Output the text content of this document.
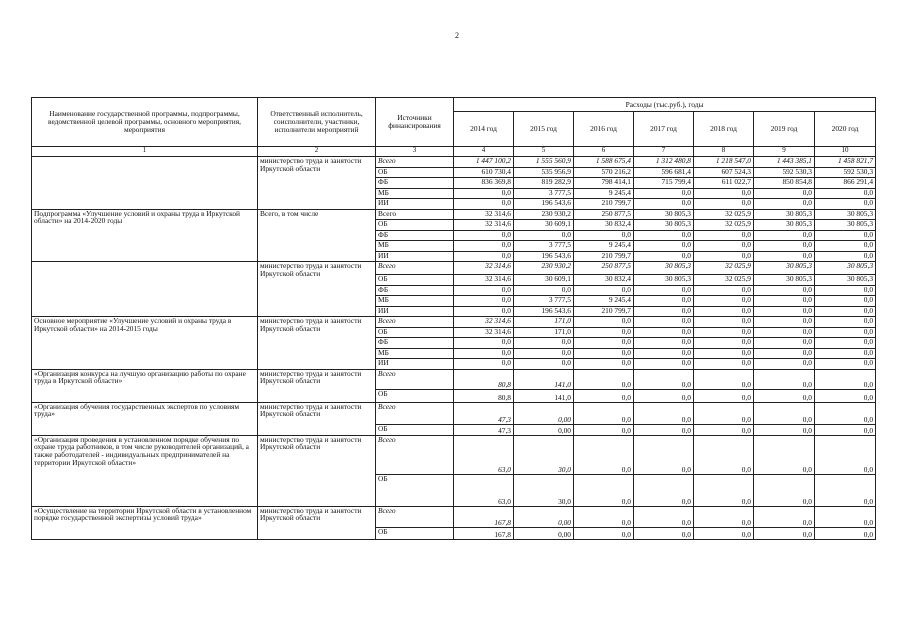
2
Наименование государственной программы, подпрограммы, ведомственной целевой программы, основного мероприятия, мероприятия	Ответственный исполнитель, соисполнители, участники, исполнители мероприятий	Источники финансирования	Расходы (тыс.руб.), годы						
			2014 год	2015 год	2016 год	2017 год	2018 год	2019 год	2020 год
1	2	3	4	5	6	7	8	9	10
	министерство труда и занятости Иркутской области	Всего	1 447 100,2	1 555 560,9	1 588 675,4	1 312 480,8	1 218 547,0	1 443 385,1	1 458 821,7
		ОБ	610 730,4	535 956,9	570 216,2	596 681,4	607 524,3	592 530,3	592 530,3
		ФБ	836 369,8	819 282,9	798 414,1	715 799,4	611 022,7	850 854,8	866 291,4
		МБ	0,0	3 777,5	9 245,4	0,0	0,0	0,0	0,0
		ИИ	0,0	196 543,6	210 799,7	0,0	0,0	0,0	0,0
Подпрограмма «Улучшение условий и охраны труда в Иркутской области» на 2014-2020 годы	Всего, в том числе	Всего	32 314,6	230 930,2	250 877,5	30 805,3	32 025,9	30 805,3	30 805,3
		ОБ	32 314,6	30 609,1	30 832,4	30 805,3	32 025,9	30 805,3	30 805,3
		ФБ	0,0	0,0	0,0	0,0	0,0	0,0	0,0
		МБ	0,0	3 777,5	9 245,4	0,0	0,0	0,0	0,0
		ИИ	0,0	196 543,6	210 799,7	0,0	0,0	0,0	0,0
	министерство труда и занятости Иркутской области	Всего	32 314,6	230 930,2	250 877,5	30 805,3	32 025,9	30 805,3	30 805,3
		ОБ	32 314,6	30 609,1	30 832,4	30 805,3	32 025,9	30 805,3	30 805,3
		ФБ	0,0	0,0	0,0	0,0	0,0	0,0	0,0
		МБ	0,0	3 777,5	9 245,4	0,0	0,0	0,0	0,0
		ИИ	0,0	196 543,6	210 799,7	0,0	0,0	0,0	0,0
Основное мероприятие «Улучшение условий и охраны труда в Иркутской области» на 2014-2015 годы	министерство труда и занятости Иркутской области	Всего	32 314,6	171,0	0,0	0,0	0,0	0,0	0,0
		ОБ	32 314,6	171,0	0,0	0,0	0,0	0,0	0,0
		ФБ	0,0	0,0	0,0	0,0	0,0	0,0	0,0
		МБ	0,0	0,0	0,0	0,0	0,0	0,0	0,0
		ИИ	0,0	0,0	0,0	0,0	0,0	0,0	0,0
«Организация конкурса на лучшую организацию работы по охране труда в Иркутской области»	министерство труда и занятости Иркутской области	Всего	80,8	141,0	0,0	0,0	0,0	0,0	0,0
		ОБ	80,8	141,0	0,0	0,0	0,0	0,0	0,0
«Организация обучения государственных экспертов по условиям труда»	министерство труда и занятости Иркутской области	Всего	47,3	0,00	0,0	0,0	0,0	0,0	0,0
		ОБ	47,3	0,00	0,0	0,0	0,0	0,0	0,0
«Организация проведения в установленном порядке обучения по охране труда работников, в том числе руководителей организаций, а также работодателей - индивидуальных предпринимателей на территории Иркутской области»	министерство труда и занятости Иркутской области	Всего	63,0	30,0	0,0	0,0	0,0	0,0	0,0
		ОБ	63,0	30,0	0,0	0,0	0,0	0,0	0,0
«Осуществление на территории Иркутской области в установленном порядке государственной экспертизы условий труда»	министерство труда и занятости Иркутской области	Всего	167,8	0,00	0,0	0,0	0,0	0,0	0,0
		ОБ	167,8	0,00	0,0	0,0	0,0	0,0	0,0
